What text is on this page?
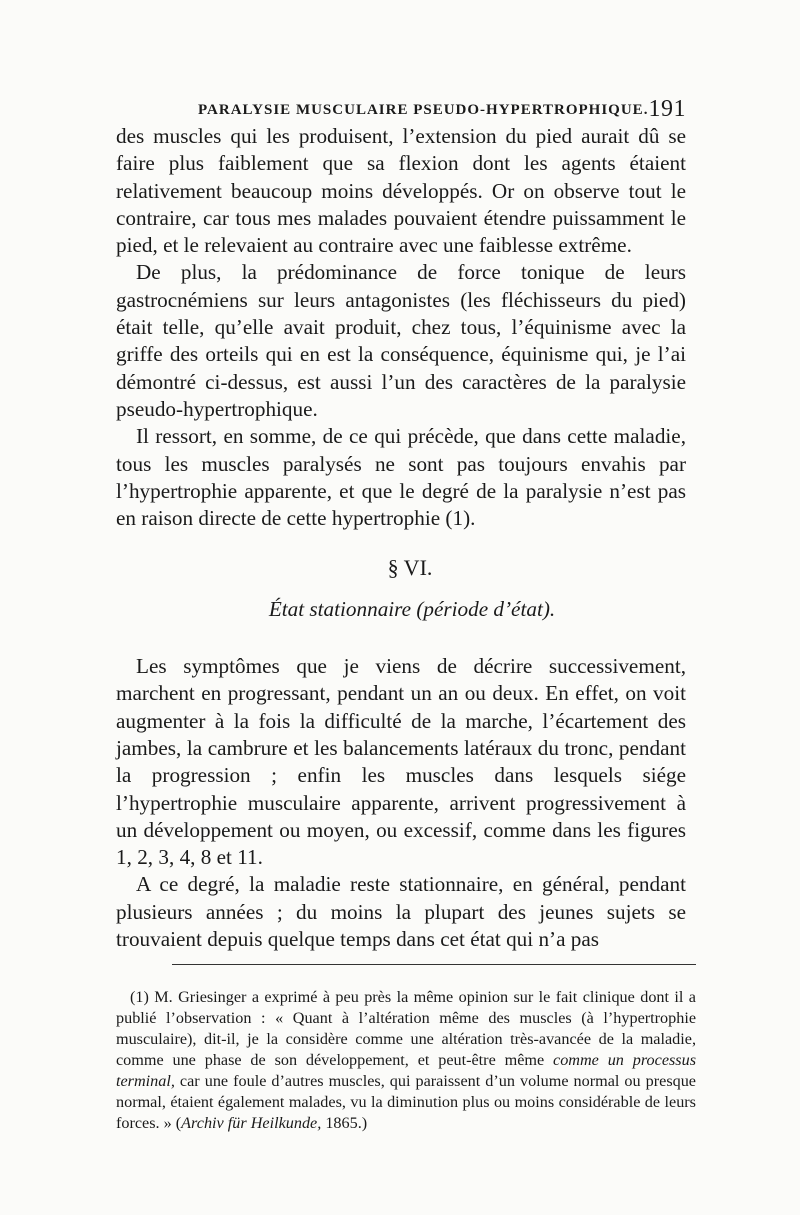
PARALYSIE MUSCULAIRE PSEUDO-HYPERTROPHIQUE. 191

des muscles qui les produisent, l’extension du pied aurait dû se faire plus faiblement que sa flexion dont les agents étaient relativement beaucoup moins développés. Or on observe tout le contraire, car tous mes malades pouvaient étendre puissamment le pied, et le relevaient au contraire avec une faiblesse extrême.

De plus, la prédominance de force tonique de leurs gastrocnémiens sur leurs antagonistes (les fléchisseurs du pied) était telle, qu’elle avait produit, chez tous, l’équinisme avec la griffe des orteils qui en est la conséquence, équinisme qui, je l’ai démontré ci-dessus, est aussi l’un des caractères de la paralysie pseudo-hypertrophique.

Il ressort, en somme, de ce qui précède, que dans cette maladie, tous les muscles paralysés ne sont pas toujours envahis par l’hypertrophie apparente, et que le degré de la paralysie n’est pas en raison directe de cette hypertrophie (1).

§ VI.
État stationnaire (période d’état).

Les symptômes que je viens de décrire successivement, marchent en progressant, pendant un an ou deux. En effet, on voit augmenter à la fois la difficulté de la marche, l’écartement des jambes, la cambrure et les balancements latéraux du tronc, pendant la progression ; enfin les muscles dans lesquels siége l’hypertrophie musculaire apparente, arrivent progressivement à un développement ou moyen, ou excessif, comme dans les figures 1, 2, 3, 4, 8 et 11.

A ce degré, la maladie reste stationnaire, en général, pendant plusieurs années ; du moins la plupart des jeunes sujets se trouvaient depuis quelque temps dans cet état qui n’a pas

(1) M. Griesinger a exprimé à peu près la même opinion sur le fait clinique dont il a publié l’observation : « Quant à l’altération même des muscles (à l’hypertrophie musculaire), dit-il, je la considère comme une altération très-avancée de la maladie, comme une phase de son développement, et peut-être même comme un processus terminal, car une foule d’autres muscles, qui paraissent d’un volume normal ou presque normal, étaient également malades, vu la diminution plus ou moins considérable de leurs forces. » (Archiv für Heilkunde, 1865.)
